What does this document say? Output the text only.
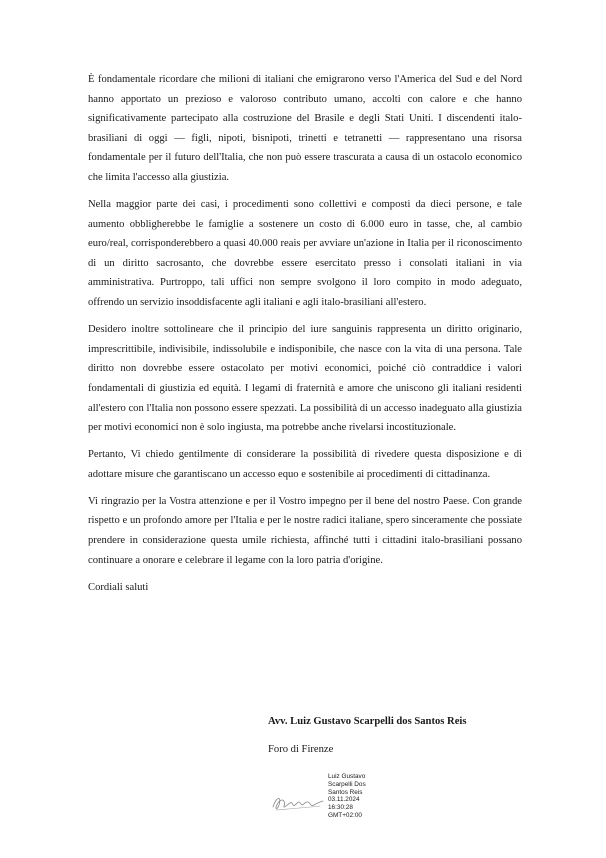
È fondamentale ricordare che milioni di italiani che emigrarono verso l'America del Sud e del Nord hanno apportato un prezioso e valoroso contributo umano, accolti con calore e che hanno significativamente partecipato alla costruzione del Brasile e degli Stati Uniti. I discendenti italo-brasiliani di oggi — figli, nipoti, bisnipoti, trinetti e tetranetti — rappresentano una risorsa fondamentale per il futuro dell'Italia, che non può essere trascurata a causa di un ostacolo economico che limita l'accesso alla giustizia.

Nella maggior parte dei casi, i procedimenti sono collettivi e composti da dieci persone, e tale aumento obbligherebbe le famiglie a sostenere un costo di 6.000 euro in tasse, che, al cambio euro/real, corrisponderebbero a quasi 40.000 reais per avviare un'azione in Italia per il riconoscimento di un diritto sacrosanto, che dovrebbe essere esercitato presso i consolati italiani in via amministrativa. Purtroppo, tali uffici non sempre svolgono il loro compito in modo adeguato, offrendo un servizio insoddisfacente agli italiani e agli italo-brasiliani all'estero.

Desidero inoltre sottolineare che il principio del iure sanguinis rappresenta un diritto originario, imprescrittibile, indivisibile, indissolubile e indisponibile, che nasce con la vita di una persona. Tale diritto non dovrebbe essere ostacolato per motivi economici, poiché ciò contraddice i valori fondamentali di giustizia ed equità. I legami di fraternità e amore che uniscono gli italiani residenti all'estero con l'Italia non possono essere spezzati. La possibilità di un accesso inadeguato alla giustizia per motivi economici non è solo ingiusta, ma potrebbe anche rivelarsi incostituzionale.

Pertanto, Vi chiedo gentilmente di considerare la possibilità di rivedere questa disposizione e di adottare misure che garantiscano un accesso equo e sostenibile ai procedimenti di cittadinanza.

Vi ringrazio per la Vostra attenzione e per il Vostro impegno per il bene del nostro Paese. Con grande rispetto e un profondo amore per l'Italia e per le nostre radici italiane, spero sinceramente che possiate prendere in considerazione questa umile richiesta, affinché tutti i cittadini italo-brasiliani possano continuare a onorare e celebrare il legame con la loro patria d'origine.

Cordiali saluti

Avv. Luiz Gustavo Scarpelli dos Santos Reis
Foro di Firenze
Luiz Gustavo
Scarpelli Dos
Santos Reis
03.11.2024
16:30:28
GMT+02:00
